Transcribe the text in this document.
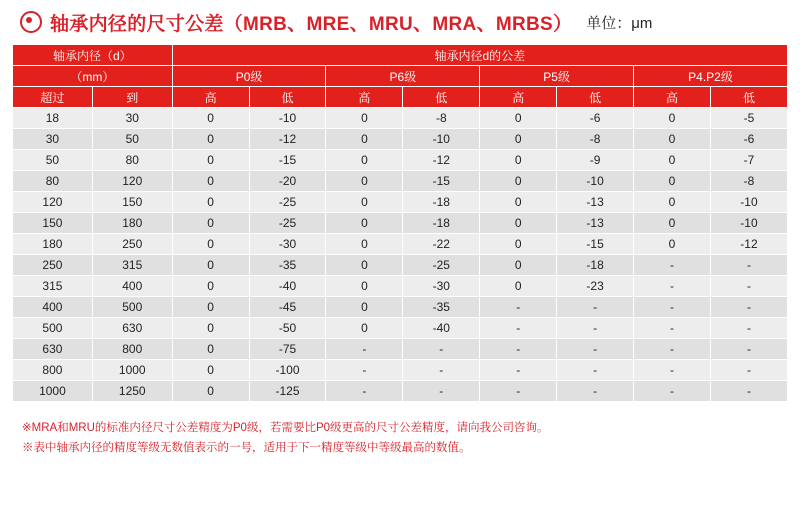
轴承内径的尺寸公差（MRB、MRE、MRU、MRA、MRBS） 单位：μm
轴承内径（d）		轴承内径d的公差							
（mm）		P0级		P6级		P5级		P4.P2级	
超过	到	高	低	高	低	高	低	高	低
18	30	0	-10	0	-8	0	-6	0	-5
30	50	0	-12	0	-10	0	-8	0	-6
50	80	0	-15	0	-12	0	-9	0	-7
80	120	0	-20	0	-15	0	-10	0	-8
120	150	0	-25	0	-18	0	-13	0	-10
150	180	0	-25	0	-18	0	-13	0	-10
180	250	0	-30	0	-22	0	-15	0	-12
250	315	0	-35	0	-25	0	-18	-	-
315	400	0	-40	0	-30	0	-23	-	-
400	500	0	-45	0	-35	-	-	-	-
500	630	0	-50	0	-40	-	-	-	-
630	800	0	-75	-	-	-	-	-	-
800	1000	0	-100	-	-	-	-	-	-
1000	1250	0	-125	-	-	-	-	-	-
※MRA和MRU的标准内径尺寸公差精度为P0级，若需要比P0级更高的尺寸公差精度，请向我公司咨询。
※表中轴承内径的精度等级无数值表示的一号，适用于下一精度等级中等级最高的数值。
